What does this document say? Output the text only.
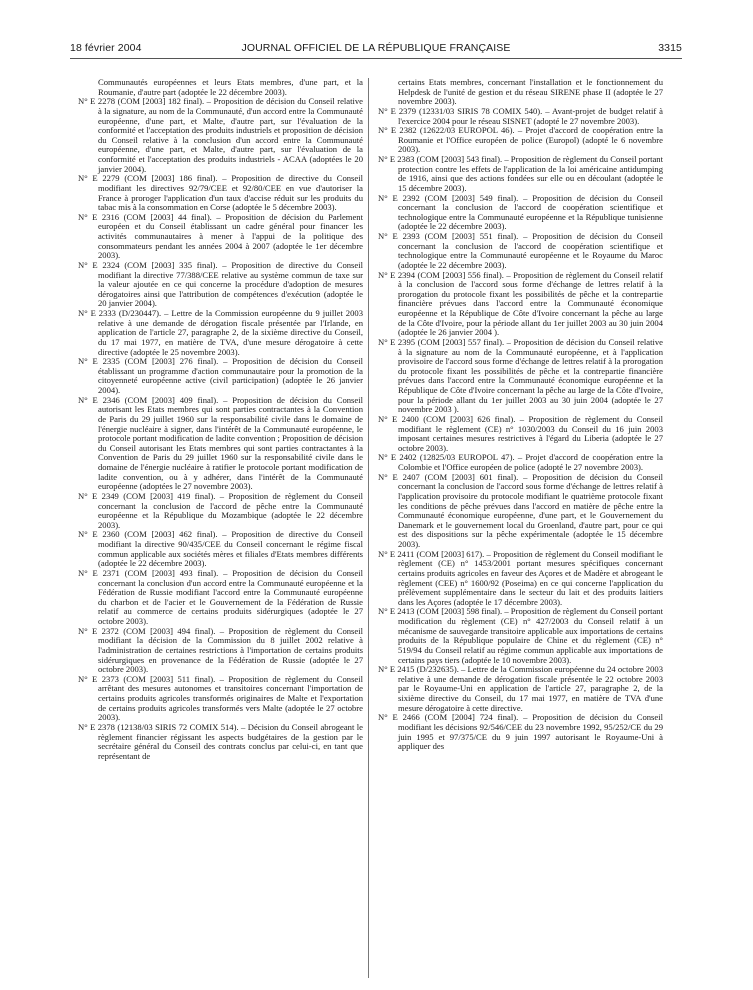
18 février 2004	JOURNAL OFFICIEL DE LA RÉPUBLIQUE FRANÇAISE	3315

Communautés européennes et leurs Etats membres, d'une part, et la Roumanie, d'autre part (adoptée le 22 décembre 2003).

N° E 2278 (COM [2003] 182 final). – Proposition de décision du Conseil relative à la signature, au nom de la Communauté, d'un accord entre la Communauté européenne, d'une part, et Malte, d'autre part, sur l'évaluation de la conformité et l'acceptation des produits industriels et proposition de décision du Conseil relative à la conclusion d'un accord entre la Communauté européenne, d'une part, et Malte, d'autre part, sur l'évaluation de la conformité et l'acceptation des produits industriels - ACAA (adoptées le 20 janvier 2004).

N° E 2279 (COM [2003] 186 final). – Proposition de directive du Conseil modifiant les directives 92/79/CEE et 92/80/CEE en vue d'autoriser la France à proroger l'application d'un taux d'accise réduit sur les produits du tabac mis à la consommation en Corse (adoptée le 5 décembre 2003).

N° E 2316 (COM [2003] 44 final). – Proposition de décision du Parlement européen et du Conseil établissant un cadre général pour financer les activités communautaires à mener à l'appui de la politique des consommateurs pendant les années 2004 à 2007 (adoptée le 1er décembre 2003).

N° E 2324 (COM [2003] 335 final). – Proposition de directive du Conseil modifiant la directive 77/388/CEE relative au système commun de taxe sur la valeur ajoutée en ce qui concerne la procédure d'adoption de mesures dérogatoires ainsi que l'attribution de compétences d'exécution (adoptée le 20 janvier 2004).

N° E 2333 (D/230447). – Lettre de la Commission européenne du 9 juillet 2003 relative à une demande de dérogation fiscale présentée par l'Irlande, en application de l'article 27, paragraphe 2, de la sixième directive du Conseil, du 17 mai 1977, en matière de TVA, d'une mesure dérogatoire à cette directive (adoptée le 25 novembre 2003).

N° E 2335 (COM [2003] 276 final). – Proposition de décision du Conseil établissant un programme d'action communautaire pour la promotion de la citoyenneté européenne active (civil participation) (adoptée le 26 janvier 2004).

N° E 2346 (COM [2003] 409 final). – Proposition de décision du Conseil autorisant les Etats membres qui sont parties contractantes à la Convention de Paris du 29 juillet 1960 sur la responsabilité civile dans le domaine de l'énergie nucléaire à signer, dans l'intérêt de la Communauté européenne, le protocole portant modification de ladite convention ; Proposition de décision du Conseil autorisant les Etats membres qui sont parties contractantes à la Convention de Paris du 29 juillet 1960 sur la responsabilité civile dans le domaine de l'énergie nucléaire à ratifier le protocole portant modification de ladite convention, ou à y adhérer, dans l'intérêt de la Communauté européenne (adoptées le 27 novembre 2003).

N° E 2349 (COM [2003] 419 final). – Proposition de règlement du Conseil concernant la conclusion de l'accord de pêche entre la Communauté européenne et la République du Mozambique (adoptée le 22 décembre 2003).

N° E 2360 (COM [2003] 462 final). – Proposition de directive du Conseil modifiant la directive 90/435/CEE du Conseil concernant le régime fiscal commun applicable aux sociétés mères et filiales d'Etats membres différents (adoptée le 22 décembre 2003).

N° E 2371 (COM [2003] 493 final). – Proposition de décision du Conseil concernant la conclusion d'un accord entre la Communauté européenne et la Fédération de Russie modifiant l'accord entre la Communauté européenne du charbon et de l'acier et le Gouvernement de la Fédération de Russie relatif au commerce de certains produits sidérurgiques (adoptée le 27 octobre 2003).

N° E 2372 (COM [2003] 494 final). – Proposition de règlement du Conseil modifiant la décision de la Commission du 8 juillet 2002 relative à l'administration de certaines restrictions à l'importation de certains produits sidérurgiques en provenance de la Fédération de Russie (adoptée le 27 octobre 2003).

N° E 2373 (COM [2003] 511 final). – Proposition de règlement du Conseil arrêtant des mesures autonomes et transitoires concernant l'importation de certains produits agricoles transformés originaires de Malte et l'exportation de certains produits agricoles transformés vers Malte (adoptée le 27 octobre 2003).

N° E 2378 (12138/03 SIRIS 72 COMIX 514). – Décision du Conseil abrogeant le règlement financier régissant les aspects budgétaires de la gestion par le secrétaire général du Conseil des contrats conclus par celui-ci, en tant que représentant de

certains Etats membres, concernant l'installation et le fonctionnement du Helpdesk de l'unité de gestion et du réseau SIRENE phase II (adoptée le 27 novembre 2003).

N° E 2379 (12331/03 SIRIS 78 COMIX 540). – Avant-projet de budget relatif à l'exercice 2004 pour le réseau SISNET (adopté le 27 novembre 2003).

N° E 2382 (12622/03 EUROPOL 46). – Projet d'accord de coopération entre la Roumanie et l'Office européen de police (Europol) (adopté le 6 novembre 2003).

N° E 2383 (COM [2003] 543 final). – Proposition de règlement du Conseil portant protection contre les effets de l'application de la loi américaine antidumping de 1916, ainsi que des actions fondées sur elle ou en découlant (adoptée le 15 décembre 2003).

N° E 2392 (COM [2003] 549 final). – Proposition de décision du Conseil concernant la conclusion de l'accord de coopération scientifique et technologique entre la Communauté européenne et la République tunisienne (adoptée le 22 décembre 2003).

N° E 2393 (COM [2003] 551 final). – Proposition de décision du Conseil concernant la conclusion de l'accord de coopération scientifique et technologique entre la Communauté européenne et le Royaume du Maroc (adoptée le 22 décembre 2003).

N° E 2394 (COM [2003] 556 final). – Proposition de règlement du Conseil relatif à la conclusion de l'accord sous forme d'échange de lettres relatif à la prorogation du protocole fixant les possibilités de pêche et la contrepartie financière prévues dans l'accord entre la Communauté économique européenne et la République de Côte d'Ivoire concernant la pêche au large de la Côte d'Ivoire, pour la période allant du 1er juillet 2003 au 30 juin 2004 (adoptée le 26 janvier 2004 ).

N° E 2395 (COM [2003] 557 final). – Proposition de décision du Conseil relative à la signature au nom de la Communauté européenne, et à l'application provisoire de l'accord sous forme d'échange de lettres relatif à la prorogation du protocole fixant les possibilités de pêche et la contrepartie financière prévues dans l'accord entre la Communauté économique européenne et la République de Côte d'Ivoire concernant la pêche au large de la Côte d'Ivoire, pour la période allant du 1er juillet 2003 au 30 juin 2004 (adoptée le 27 novembre 2003 ).

N° E 2400 (COM [2003] 626 final). – Proposition de règlement du Conseil modifiant le règlement (CE) n° 1030/2003 du Conseil du 16 juin 2003 imposant certaines mesures restrictives à l'égard du Liberia (adoptée le 27 octobre 2003).

N° E 2402 (12825/03 EUROPOL 47). – Projet d'accord de coopération entre la Colombie et l'Office européen de police (adopté le 27 novembre 2003).

N° E 2407 (COM [2003] 601 final). – Proposition de décision du Conseil concernant la conclusion de l'accord sous forme d'échange de lettres relatif à l'application provisoire du protocole modifiant le quatrième protocole fixant les conditions de pêche prévues dans l'accord en matière de pêche entre la Communauté économique européenne, d'une part, et le Gouvernement du Danemark et le gouvernement local du Groenland, d'autre part, pour ce qui est des dispositions sur la pêche expérimentale (adoptée le 15 décembre 2003).

N° E 2411 (COM [2003] 617). – Proposition de règlement du Conseil modifiant le règlement (CE) n° 1453/2001 portant mesures spécifiques concernant certains produits agricoles en faveur des Açores et de Madère et abrogeant le règlement (CEE) n° 1600/92 (Poseima) en ce qui concerne l'application du prélèvement supplémentaire dans le secteur du lait et des produits laitiers dans les Açores (adoptée le 17 décembre 2003).

N° E 2413 (COM [2003] 598 final). – Proposition de règlement du Conseil portant modification du règlement (CE) n° 427/2003 du Conseil relatif à un mécanisme de sauvegarde transitoire applicable aux importations de certains produits de la République populaire de Chine et du règlement (CE) n° 519/94 du Conseil relatif au régime commun applicable aux importations de certains pays tiers (adoptée le 10 novembre 2003).

N° E 2415 (D/232635). – Lettre de la Commission européenne du 24 octobre 2003 relative à une demande de dérogation fiscale présentée le 22 octobre 2003 par le Royaume-Uni en application de l'article 27, paragraphe 2, de la sixième directive du Conseil, du 17 mai 1977, en matière de TVA d'une mesure dérogatoire à cette directive.

N° E 2466 (COM [2004] 724 final). – Proposition de décision du Conseil modifiant les décisions 92/546/CEE du 23 novembre 1992, 95/252/CE du 29 juin 1995 et 97/375/CE du 9 juin 1997 autorisant le Royaume-Uni à appliquer des
